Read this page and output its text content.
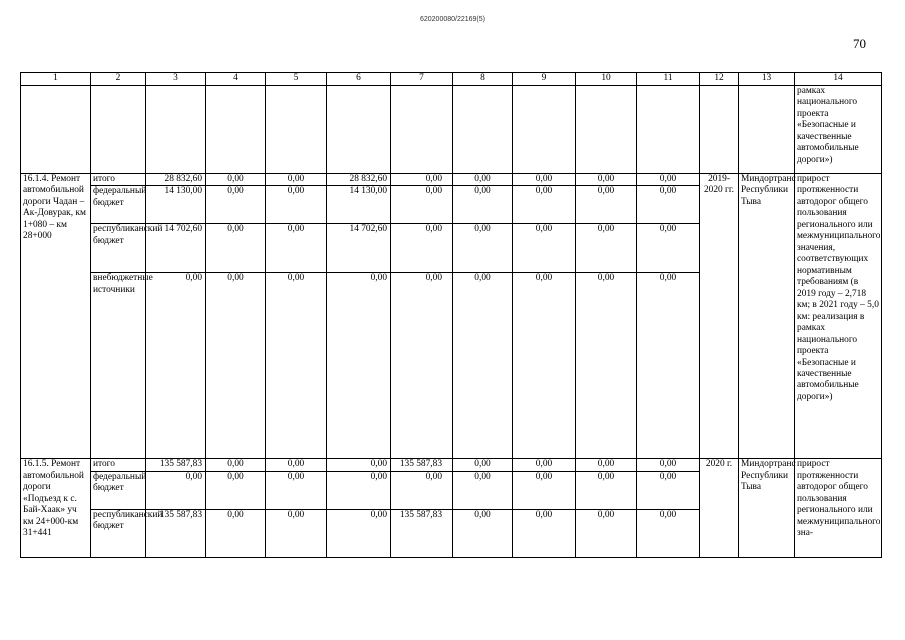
620200080/22169(5)
70
1	2	3	4	5	6	7	8	9	10	11	12	13	14
													рамках национального проекта «Безопасные и качественные автомобильные дороги»)
16.1.4. Ремонт автомобильной дороги Чадан – Ак-Довурак, км 1+080 – км 28+000	итого	28 832,60	0,00	0,00	28 832,60	0,00	0,00	0,00	0,00	0,00	2019-2020 гг.	Миндортранс Республики Тыва	прирост протяженности автодорог общего пользования регионального или межмуниципального значения, соответствующих нормативным требованиям (в 2019 году – 2,718 км; в 2021 году – 5,0 км: реализация в рамках национального проекта «Безопасные и качественные автомобильные дороги»)
	федеральный бюджет	14 130,00	0,00	0,00	14 130,00	0,00	0,00	0,00	0,00	0,00			
	республиканский бюджет	14 702,60	0,00	0,00	14 702,60	0,00	0,00	0,00	0,00	0,00			
	внебюджетные источники	0,00	0,00	0,00	0,00	0,00	0,00	0,00	0,00	0,00			
16.1.5. Ремонт автомобильной дороги «Подъезд к с. Бай-Хаак» уч км 24+000-км 31+441	итого	135 587,83	0,00	0,00	0,00	135 587,83	0,00	0,00	0,00	0,00	2020 г.	Миндортранс Республики Тыва	прирост протяженности автодорог общего пользования регионального или межмуниципального зна-
	федеральный бюджет	0,00	0,00	0,00	0,00	0,00	0,00	0,00	0,00	0,00			
	республиканский бюджет	135 587,83	0,00	0,00	0,00	135 587,83	0,00	0,00	0,00	0,00			
